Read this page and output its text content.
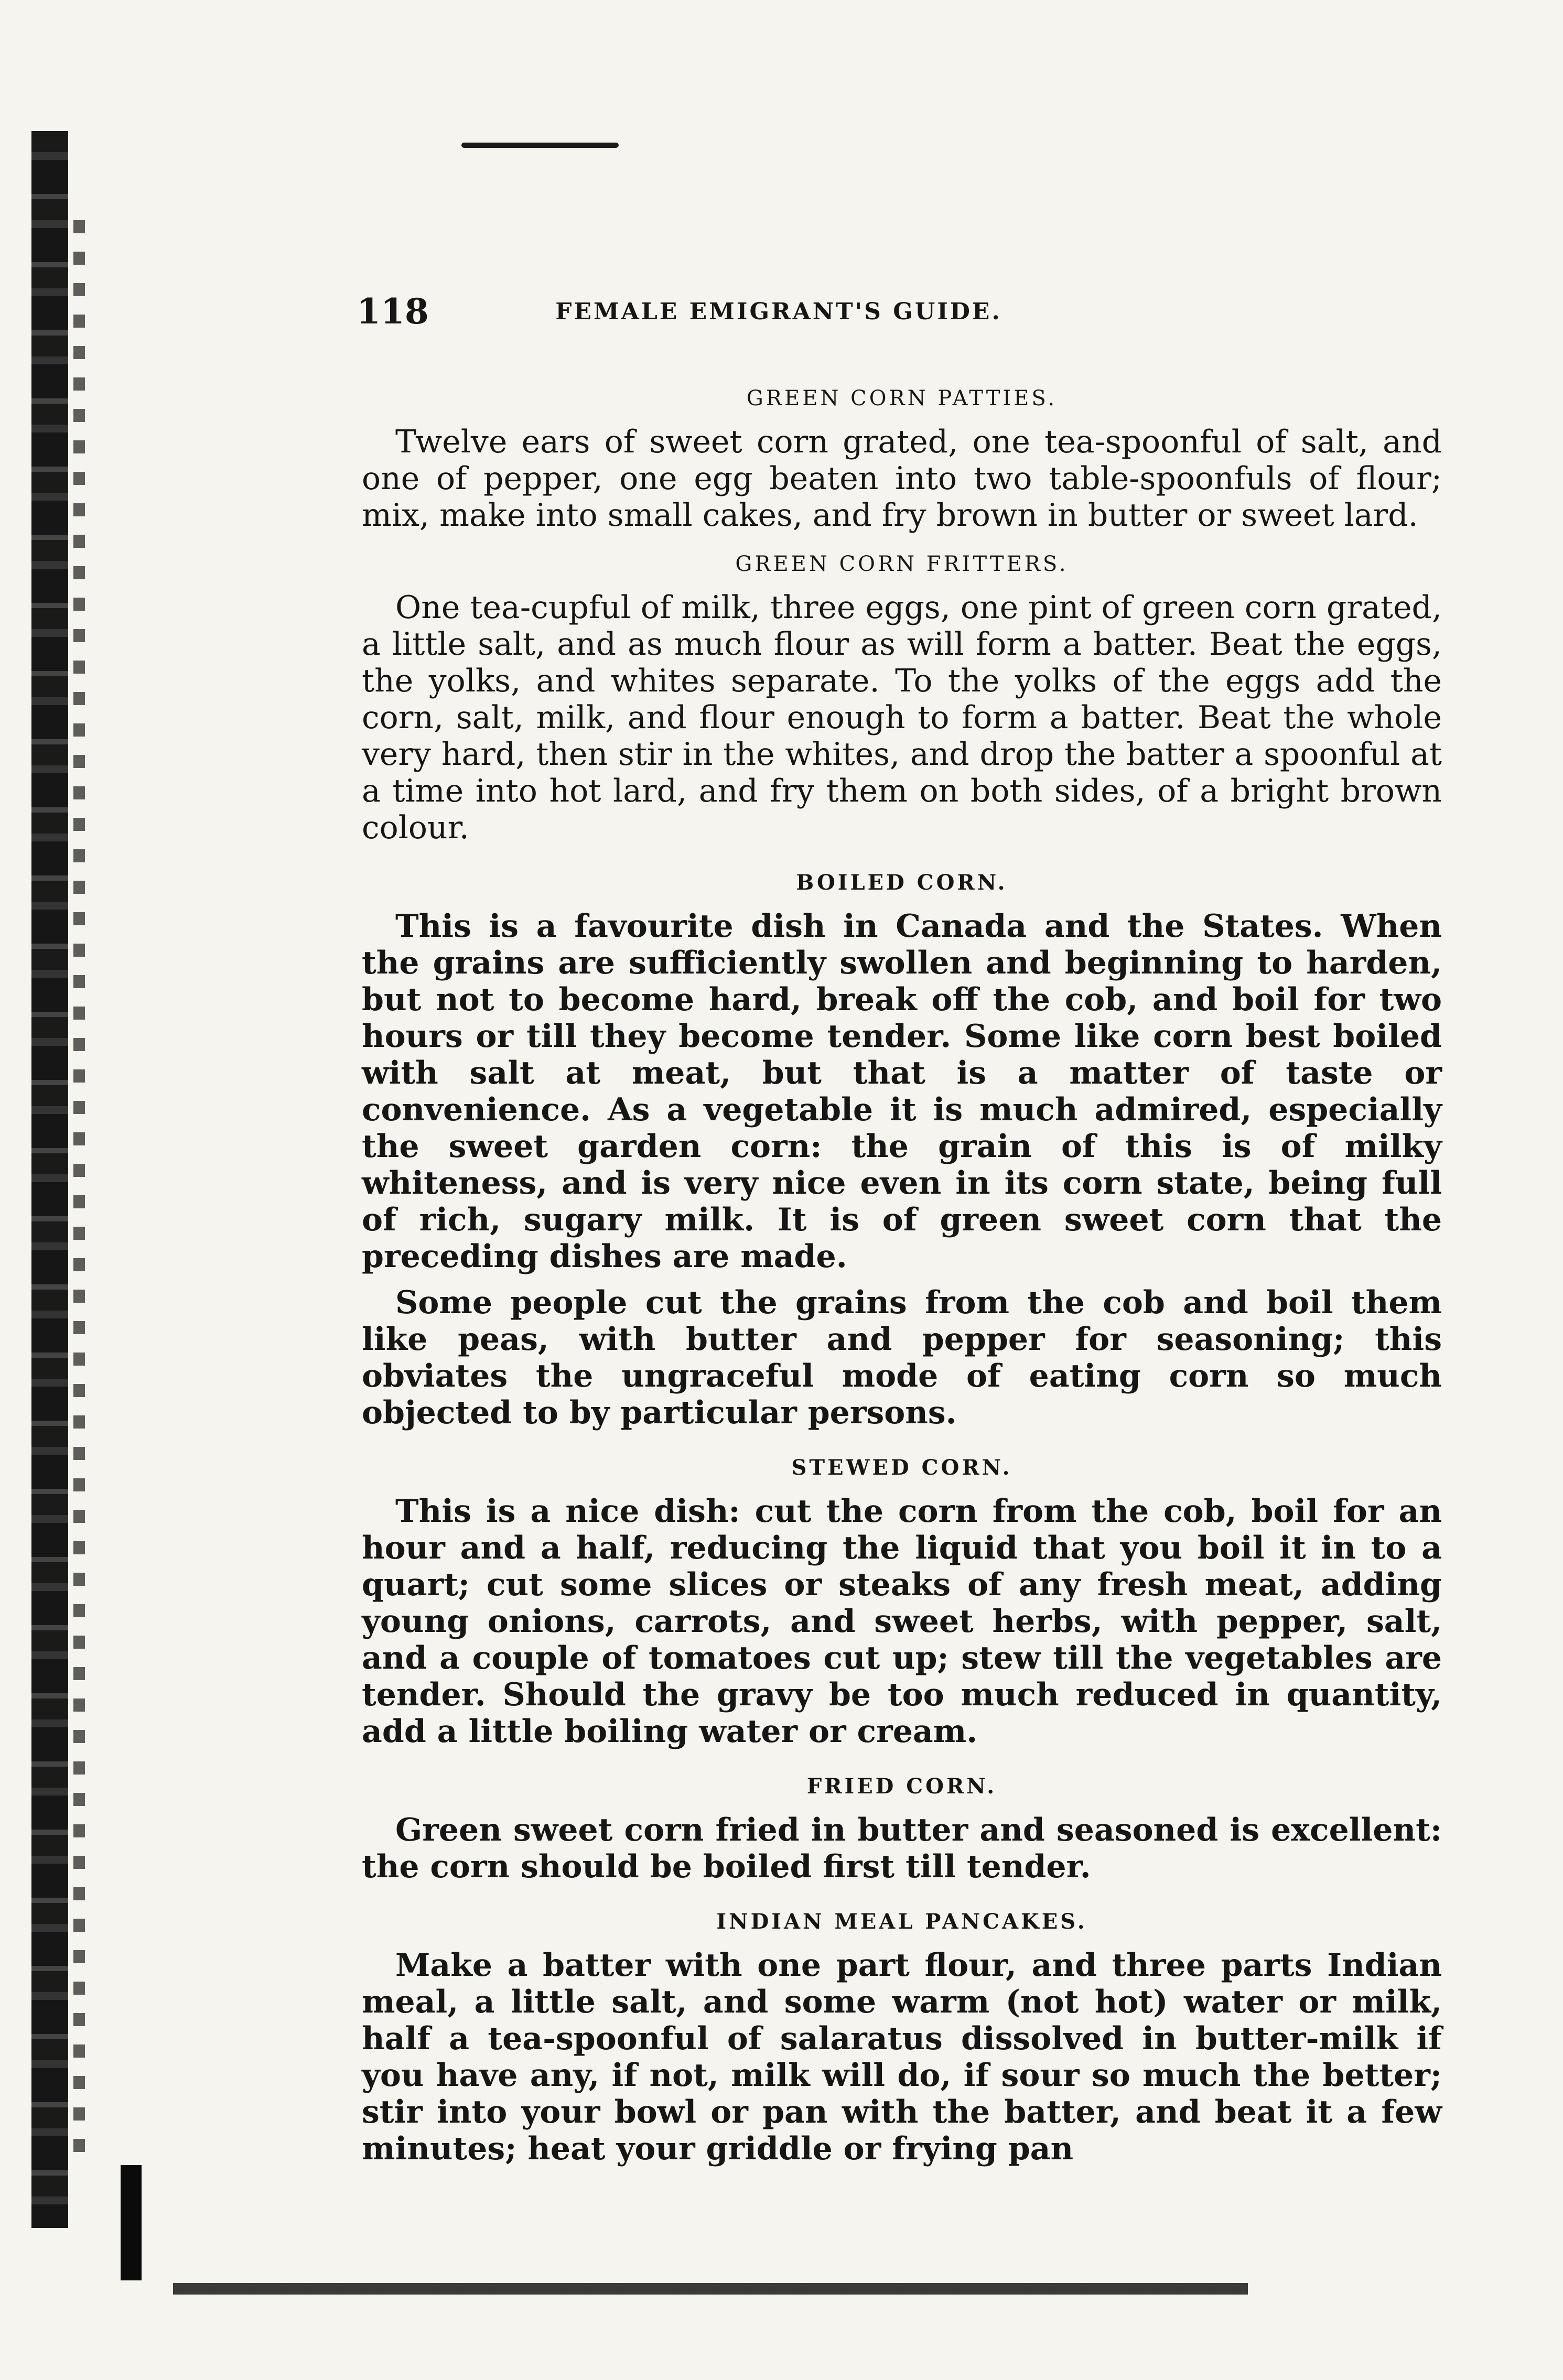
118	FEMALE EMIGRANT'S GUIDE.
GREEN CORN PATTIES.

Twelve ears of sweet corn grated, one tea-spoonful of salt, and one of pepper, one egg beaten into two table-spoonfuls of flour; mix, make into small cakes, and fry brown in butter or sweet lard.

GREEN CORN FRITTERS.

One tea-cupful of milk, three eggs, one pint of green corn grated, a little salt, and as much flour as will form a batter. Beat the eggs, the yolks, and whites separate. To the yolks of the eggs add the corn, salt, milk, and flour enough to form a batter. Beat the whole very hard, then stir in the whites, and drop the batter a spoonful at a time into hot lard, and fry them on both sides, of a bright brown colour.

BOILED CORN.

This is a favourite dish in Canada and the States. When the grains are sufficiently swollen and beginning to harden, but not to become hard, break off the cob, and boil for two hours or till they become tender. Some like corn best boiled with salt at meat, but that is a matter of taste or convenience. As a vegetable it is much admired, especially the sweet garden corn: the grain of this is of milky whiteness, and is very nice even in its corn state, being full of rich, sugary milk. It is of green sweet corn that the preceding dishes are made.

Some people cut the grains from the cob and boil them like peas, with butter and pepper for seasoning; this obviates the ungraceful mode of eating corn so much objected to by particular persons.

STEWED CORN.

This is a nice dish: cut the corn from the cob, boil for an hour and a half, reducing the liquid that you boil it in to a quart; cut some slices or steaks of any fresh meat, adding young onions, carrots, and sweet herbs, with pepper, salt, and a couple of tomatoes cut up; stew till the vegetables are tender. Should the gravy be too much reduced in quantity, add a little boiling water or cream.

FRIED CORN.

Green sweet corn fried in butter and seasoned is excellent: the corn should be boiled first till tender.

INDIAN MEAL PANCAKES.

Make a batter with one part flour, and three parts Indian meal, a little salt, and some warm (not hot) water or milk, half a tea-spoonful of salaratus dissolved in butter-milk if you have any, if not, milk will do, if sour so much the better; stir into your bowl or pan with the batter, and beat it a few minutes; heat your griddle or frying pan
